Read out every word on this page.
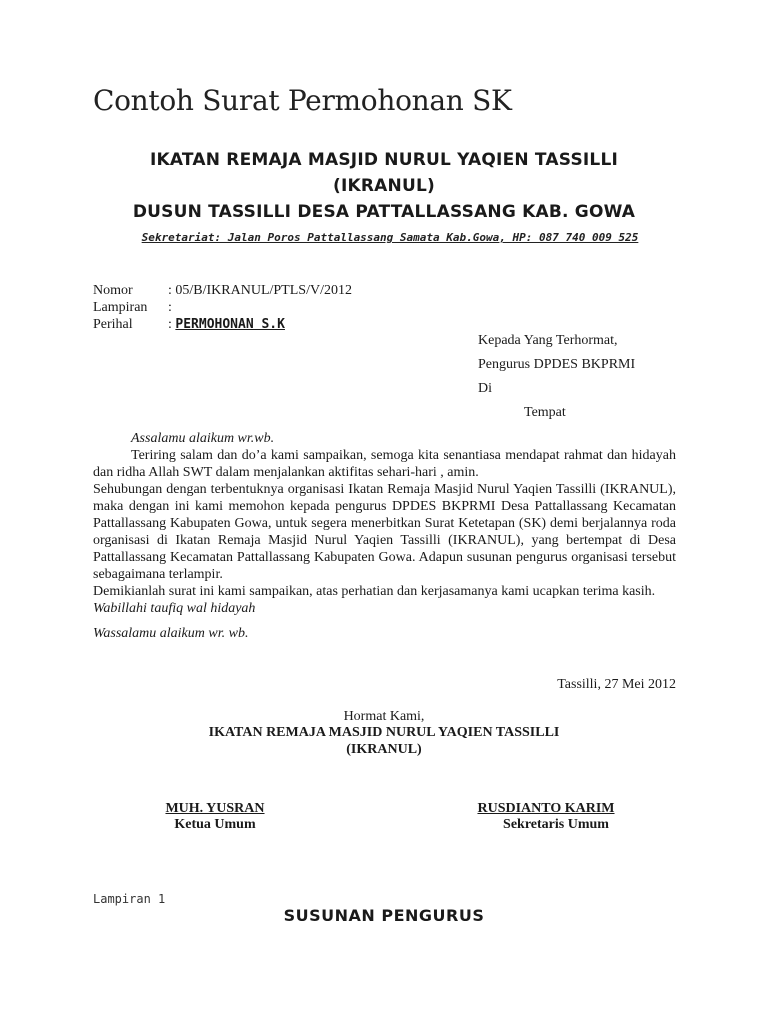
Contoh Surat Permohonan SK
IKATAN REMAJA MASJID NURUL YAQIEN TASSILLI
(IKRANUL)
DUSUN TASSILLI DESA PATTALLASSANG KAB. GOWA
Sekretariat: Jalan Poros Pattallassang Samata Kab.Gowa, HP: 087 740 009 525
Nomor	: 05/B/IKRANUL/PTLS/V/2012
Lampiran :
Perihal	: PERMOHONAN S.K
Kepada Yang Terhormat,
Pengurus DPDES BKPRMI
Di
Tempat

Assalamu alaikum wr.wb.

Teriring salam dan do’a kami sampaikan, semoga kita senantiasa mendapat rahmat dan hidayah dan ridha Allah SWT dalam menjalankan aktifitas sehari-hari , amin.

Sehubungan dengan terbentuknya organisasi Ikatan Remaja Masjid Nurul Yaqien Tassilli (IKRANUL), maka dengan ini kami memohon kepada pengurus DPDES BKPRMI Desa Pattallassang Kecamatan Pattallassang Kabupaten Gowa, untuk segera menerbitkan Surat Ketetapan (SK) demi berjalannya roda organisasi di Ikatan Remaja Masjid Nurul Yaqien Tassilli (IKRANUL), yang bertempat di Desa Pattallassang Kecamatan Pattallassang Kabupaten Gowa. Adapun susunan pengurus organisasi tersebut sebagaimana terlampir.

Demikianlah surat ini kami sampaikan, atas perhatian dan kerjasamanya kami ucapkan terima kasih.

Wabillahi taufiq wal hidayah

Wassalamu alaikum wr. wb.

Tassilli, 27 Mei 2012
Hormat Kami,
IKATAN REMAJA MASJID NURUL YAQIEN TASSILLI
(IKRANUL)
MUH. YUSRAN
Ketua Umum
RUSDIANTO KARIM
Sekretaris Umum
Lampiran 1
SUSUNAN PENGURUS
